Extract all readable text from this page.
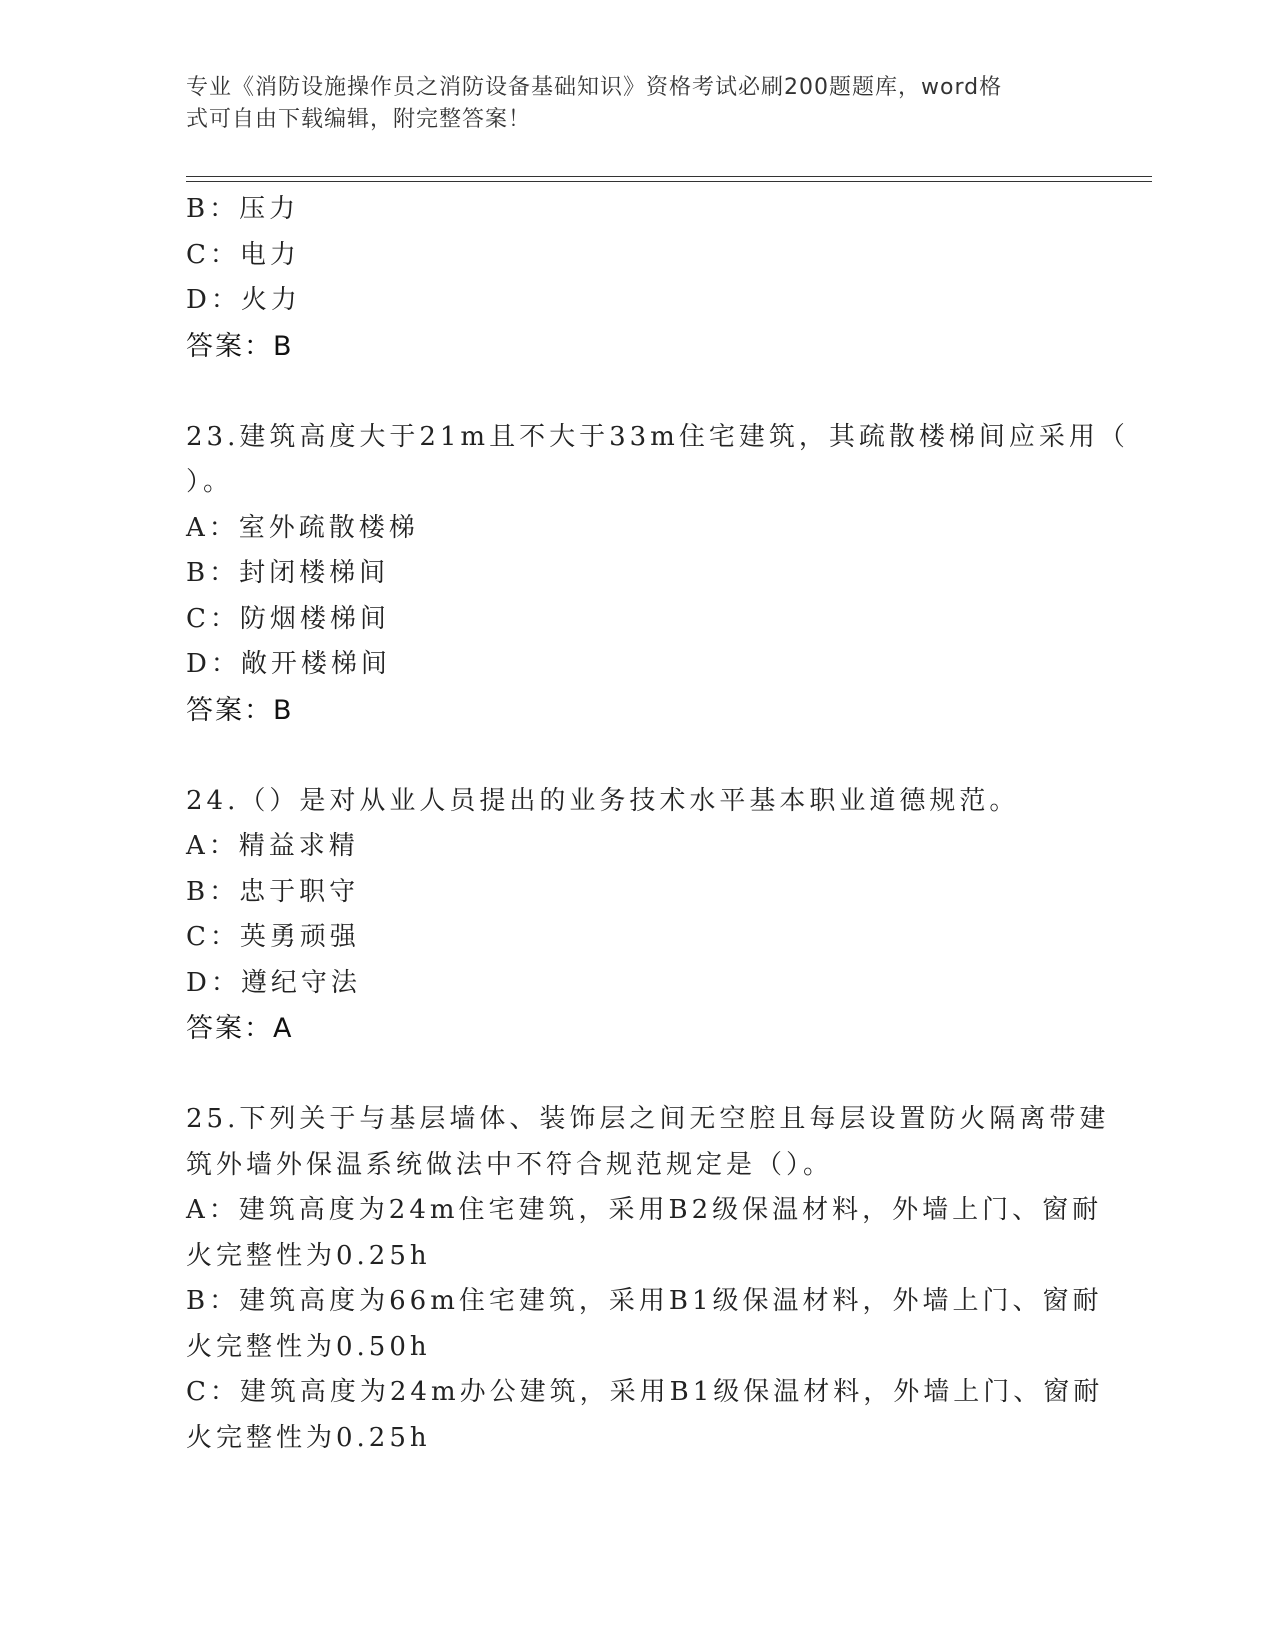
专业《消防设施操作员之消防设备基础知识》资格考试必刷200题题库，word格
式可自由下载编辑，附完整答案！
B：压力
C：电力
D：火力
答案：B
23.建筑高度大于21m且不大于33m住宅建筑，其疏散楼梯间应采用（
）。
A：室外疏散楼梯
B：封闭楼梯间
C：防烟楼梯间
D：敞开楼梯间
答案：B
24.（）是对从业人员提出的业务技术水平基本职业道德规范。
A：精益求精
B：忠于职守
C：英勇顽强
D：遵纪守法
答案：A
25.下列关于与基层墙体、装饰层之间无空腔且每层设置防火隔离带建
筑外墙外保温系统做法中不符合规范规定是（）。
A：建筑高度为24m住宅建筑，采用B2级保温材料，外墙上门、窗耐
火完整性为0.25h
B：建筑高度为66m住宅建筑，采用B1级保温材料，外墙上门、窗耐
火完整性为0.50h
C：建筑高度为24m办公建筑，采用B1级保温材料，外墙上门、窗耐
火完整性为0.25h
